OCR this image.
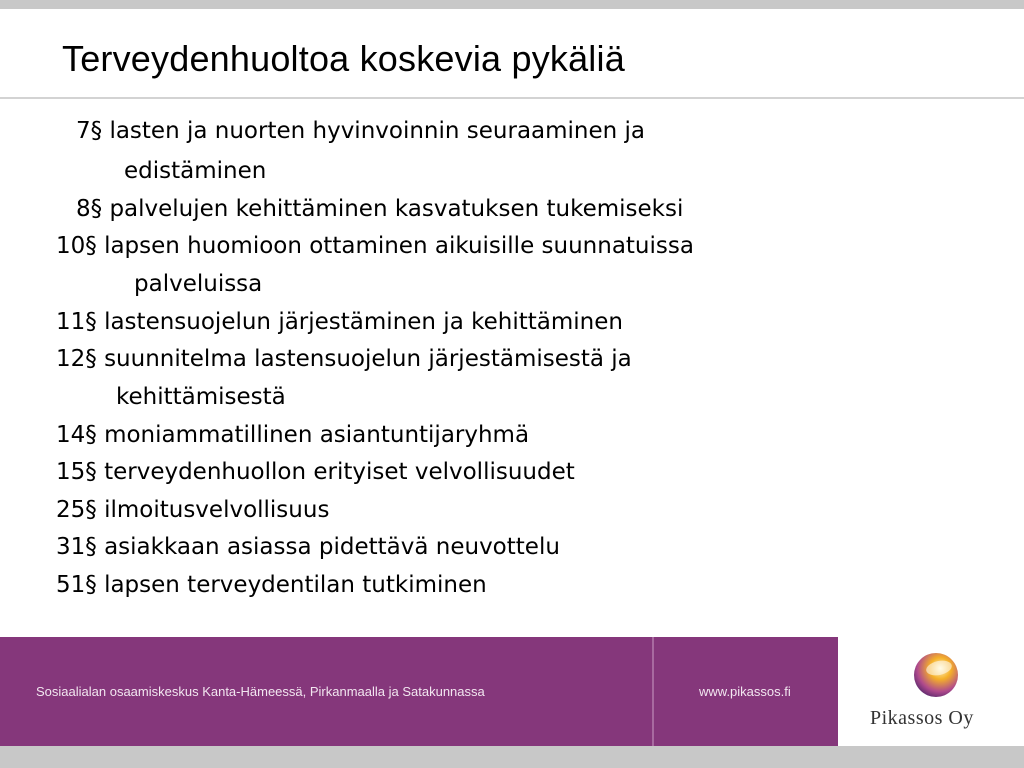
Terveydenhuoltoa koskevia pykäliä
7§ lasten ja nuorten hyvinvoinnin seuraaminen ja
edistäminen
8§ palvelujen kehittäminen kasvatuksen tukemiseksi
10§ lapsen huomioon ottaminen aikuisille suunnatuissa
palveluissa
11§ lastensuojelun järjestäminen ja kehittäminen
12§ suunnitelma lastensuojelun järjestämisestä ja
kehittämisestä
14§ moniammatillinen asiantuntijaryhmä
15§ terveydenhuollon erityiset velvollisuudet
25§ ilmoitusvelvollisuus
31§ asiakkaan asiassa pidettävä neuvottelu
51§ lapsen terveydentilan tutkiminen
Sosiaalialan osaamiskeskus Kanta-Hämeessä, Pirkanmaalla ja Satakunnassa	www.pikassos.fi
Pikassos Oy
